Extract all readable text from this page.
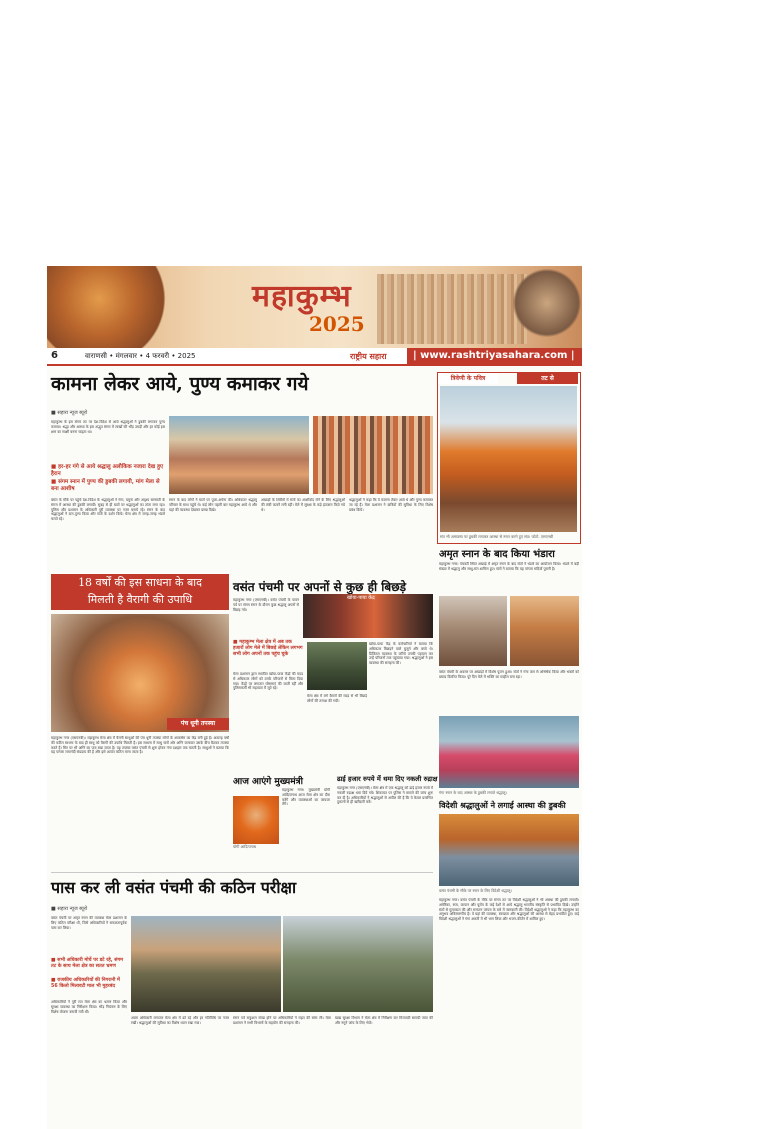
महाकुम्भ
2025
6	वाराणसी • मंगलवार • 4 फरवरी • 2025	राष्ट्रीय सहारा	| www.rashtriyasahara.com |
कामना लेकर आये, पुण्य कमाकर गये
■ सहारा न्यूज ब्यूरो
महाकुम्भ के इस संगम तट पर देश-विदेश से आये श्रद्धालुओं ने डुबकी लगाकर पुण्य कमाया। श्रद्धा और आस्था के इस अद्भुत संगम में लाखों की भीड़ उमड़ी और हर कोई इस क्षण का साक्षी बनना चाहता था।
■ हर-हर गंगे से आये श्रद्धालु अलौकिक नजारा देख हुए हैरान
■ संगम स्नान में पुण्य की डुबकी लगायी, मांग मेला से बना आशीष
बसंत के मौके पर पहुंचे देश-विदेश के श्रद्धालुओं ने गंगा, यमुना और अदृश्य सरस्वती के संगम में आस्था की डुबकी लगायी। सुबह से ही घाटों पर श्रद्धालुओं का तांता लगा रहा। पुलिस और प्रशासन के अधिकारी पूरी व्यवस्था पर नजर बनाये रहे। स्नान के बाद श्रद्धालुओं ने दान-पुण्य किया और संतों के दर्शन किये। मेला क्षेत्र में जगह-जगह भंडारे चलते रहे।
स्नान के बाद लोगों ने घाटों पर पूजा-अर्चना की। अधिकतर श्रद्धालु परिवार के साथ पहुंचे थे। कई लोग पहली बार महाकुम्भ आये थे और यहां की व्यवस्था देखकर प्रसन्न दिखे।
अखाड़ों के शिविरों में संतों का आशीर्वाद लेने के लिए श्रद्धालुओं की लंबी कतारें लगी रहीं। मेले में सुरक्षा के कड़े इंतजाम किये गये थे।
श्रद्धालुओं ने कहा कि वे कामना लेकर आये थे और पुण्य कमाकर जा रहे हैं। मेला प्रशासन ने यात्रियों की सुविधा के लिए विशेष प्रबंध किये।
त्रिवेणी के पवित्र	तट से
संत भी अमावस्य पर डुबकी लगाकर आस्था से स्नान करने हुए संत। फोटो- एसएनबी
अमृत स्नान के बाद किया भंडारा
महाकुम्भ नगर। पंचवटी स्थित अखाड़े में अमृत स्नान के बाद संतों ने भंडारे का आयोजन किया। भंडारे में बड़ी संख्या में श्रद्धालु और साधु-संत शामिल हुए। संतों ने बताया कि यह परंपरा सदियों पुरानी है।
वसंत पंचमी के अवसर पर अखाड़ों में विशेष पूजन हुआ। संतों ने गंगा जल से अभिषेक किया और भक्तों को प्रसाद वितरित किया। पूरे दिन मेले में भक्ति का माहौल बना रहा।
गंगा स्नान के बाद आस्था के डुबकी लगाते श्रद्धालु।
विदेशी श्रद्धालुओं ने लगाई आस्था की डुबकी
वसंत पंचमी के मौके पर स्नान के लिए विदेशी श्रद्धालु।
महाकुम्भ नगर। वसंत पंचमी के मौके पर संगम तट पर विदेशी श्रद्धालुओं ने भी आस्था की डुबकी लगायी। अमेरिका, रूस, जापान और यूरोप के कई देशों से आये श्रद्धालु भारतीय संस्कृति से प्रभावित दिखे। उन्होंने संतों से मुलाकात की और सनातन परंपरा के बारे में जानकारी ली। विदेशी श्रद्धालुओं ने कहा कि महाकुम्भ का अनुभव अविस्मरणीय है। वे यहां की व्यवस्था, स्वच्छता और श्रद्धालुओं की आस्था से बेहद प्रभावित हुए। कई विदेशी श्रद्धालुओं ने गंगा आरती में भी भाग लिया और भजन-कीर्तन में शामिल हुए।
18 वर्षों की इस साधना के बाद
मिलती है वैरागी की उपाधि
पंच धूनी तपस्या
महाकुम्भ नगर (एसएनबी)। महाकुम्भ मेला क्षेत्र में वैरागी साधुओं की पंच धूनी तपस्या लोगों के आकर्षण का केंद्र बनी हुई है। अठारह वर्षों की कठिन साधना के बाद ही साधु को वैरागी की उपाधि मिलती है। इस साधना में साधु चारों ओर अग्नि जलाकर उसके बीच बैठकर तपस्या करते हैं। सिर पर भी अग्नि का पात्र रखा जाता है। यह तपस्या वसंत पंचमी से शुरू होकर गंगा दशहरा तक चलती है। साधुओं ने बताया कि यह परंपरा रामानंदी संप्रदाय की है और इसे अत्यंत कठिन माना जाता है।
वसंत पंचमी पर अपनों से कुछ ही बिछड़े
महाकुम्भ नगर (एसएनबी)। वसंत पंचमी के पावन पर्व पर संगम स्नान के दौरान कुछ श्रद्धालु अपनों से बिछड़ गये।
खोया-पाया केंद्र
■ महाकुम्भ मेला क्षेत्र में अब तक हजारों लोग मेले में बिछड़े लेकिन लगभग सभी लोग अपनों तक पहुंच चुके
मेला प्रशासन द्वारा स्थापित खोया-पाया केंद्रों की मदद से अधिकतर लोगों को उनके परिजनों से मिला दिया गया। केंद्रों पर लगातार घोषणाएं की जाती रहीं और पुलिसकर्मी भी सहायता में जुटे रहे।
खोया-पाया केंद्र के कर्मचारियों ने बताया कि अधिकतर बिछड़ने वाले बुजुर्ग और बच्चे थे। डिजिटल व्यवस्था के जरिये उनकी पहचान कर उन्हें परिजनों तक पहुंचाया गया। श्रद्धालुओं ने इस व्यवस्था की सराहना की।
मेला क्षेत्र में लगे कैमरों की मदद से भी बिछड़े लोगों की तलाश की गयी।
आज आएंगे मुख्यमंत्री
योगी आदित्यनाथ
महाकुम्भ नगर। मुख्यमंत्री योगी आदित्यनाथ आज मेला क्षेत्र का दौरा करेंगे और व्यवस्थाओं का जायजा लेंगे।
ढाई हजार रुपये में थमा दिए नकली रुद्राक्ष
महाकुम्भ नगर (एसएनबी)। मेला क्षेत्र में एक श्रद्धालु को ढाई हजार रुपये में नकली रुद्राक्ष थमा दिये गये। शिकायत पर पुलिस ने मामले की जांच शुरू कर दी है। अधिकारियों ने श्रद्धालुओं से अपील की है कि वे केवल प्रमाणित दुकानों से ही खरीदारी करें।
पास कर ली वसंत पंचमी की कठिन परीक्षा
■ सहारा न्यूज ब्यूरो
वसंत पंचमी पर अमृत स्नान की व्यवस्था मेला प्रशासन के लिए कठिन परीक्षा थी, जिसे अधिकारियों ने सफलतापूर्वक पास कर लिया।
■ सभी अधिकारी मोर्चे पर डटे रहे, संगम तट के साथ मेला क्षेत्र का सतत भ्रमण
■ राजकीय अधिकारियों की निगरानी में 56 किलो मिलावटी माल भी मुहरबंद
अधिकारियों ने पूरी रात मेला क्षेत्र का भ्रमण किया और सुरक्षा व्यवस्था का निरीक्षण किया। भीड़ नियंत्रण के लिए विशेष योजना बनायी गयी थी।
आला अधिकारी लगातार मेला क्षेत्र में डटे रहे और हर गतिविधि पर नजर रखी। श्रद्धालुओं की सुविधा का विशेष ध्यान रखा गया।
स्नान पर्व सकुशल संपन्न होने पर अधिकारियों ने राहत की सांस ली। मेला प्रशासन ने सभी विभागों के सहयोग की सराहना की।
खाद्य सुरक्षा विभाग ने मेला क्षेत्र में निरीक्षण कर मिलावटी सामग्री जब्त की और नमूने जांच के लिए भेजे।
